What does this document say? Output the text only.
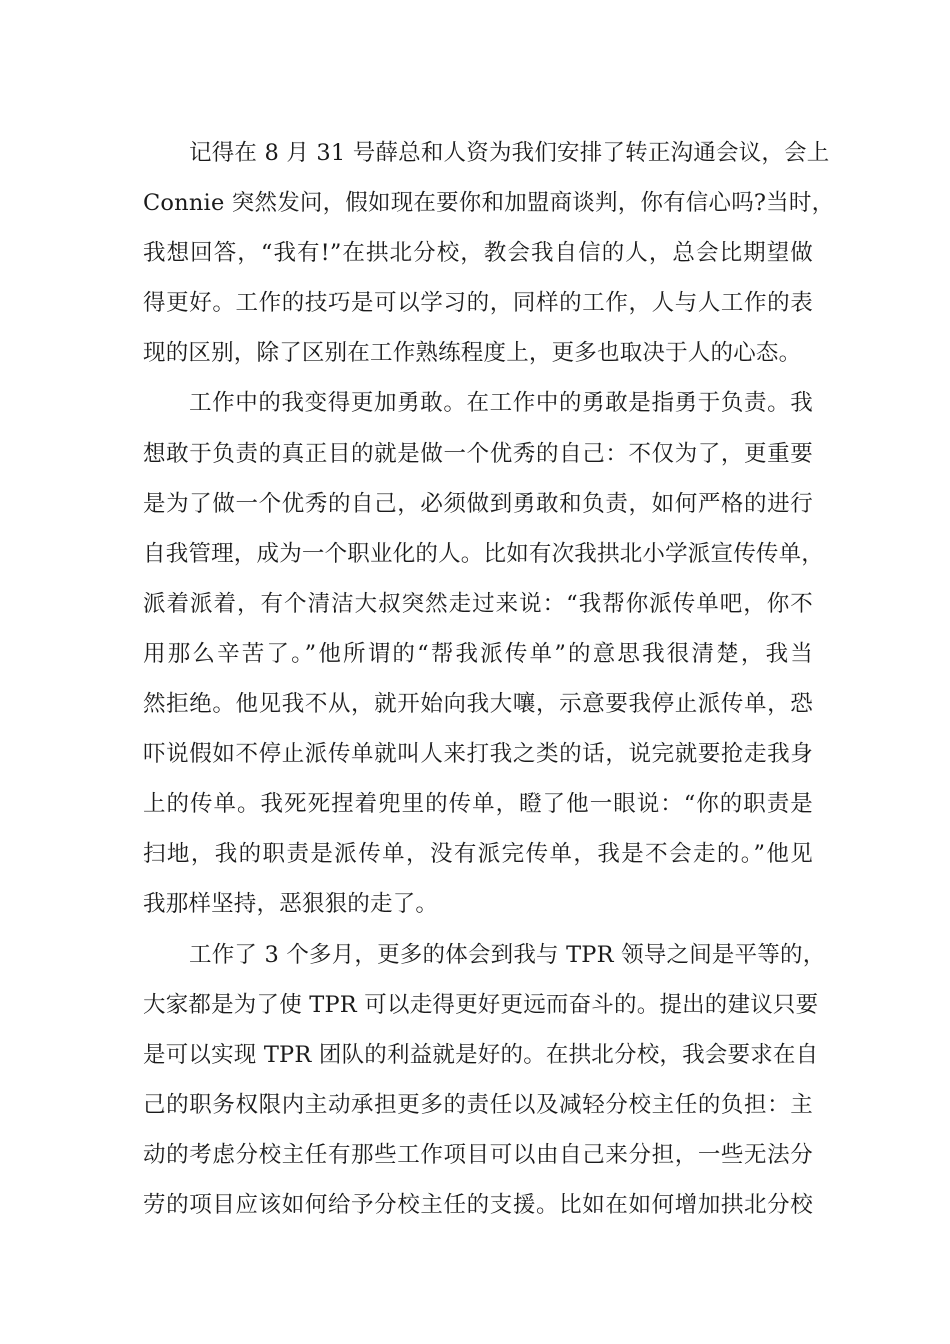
记得在 8 月 31 号薛总和人资为我们安排了转正沟通会议，会上
Connie 突然发问，假如现在要你和加盟商谈判，你有信心吗?当时，
我想回答，“我有!”在拱北分校，教会我自信的人，总会比期望做
得更好。工作的技巧是可以学习的，同样的工作，人与人工作的表
现的区别，除了区别在工作熟练程度上，更多也取决于人的心态。
工作中的我变得更加勇敢。在工作中的勇敢是指勇于负责。我
想敢于负责的真正目的就是做一个优秀的自己：不仅为了，更重要
是为了做一个优秀的自己，必须做到勇敢和负责，如何严格的进行
自我管理，成为一个职业化的人。比如有次我拱北小学派宣传传单，
派着派着，有个清洁大叔突然走过来说：“我帮你派传单吧，你不
用那么辛苦了。”他所谓的“帮我派传单”的意思我很清楚，我当
然拒绝。他见我不从，就开始向我大嚷，示意要我停止派传单，恐
吓说假如不停止派传单就叫人来打我之类的话，说完就要抢走我身
上的传单。我死死捏着兜里的传单，瞪了他一眼说：“你的职责是
扫地，我的职责是派传单，没有派完传单，我是不会走的。”他见
我那样坚持，恶狠狠的走了。
工作了 3 个多月，更多的体会到我与 TPR 领导之间是平等的，
大家都是为了使 TPR 可以走得更好更远而奋斗的。提出的建议只要
是可以实现 TPR 团队的利益就是好的。在拱北分校，我会要求在自
己的职务权限内主动承担更多的责任以及减轻分校主任的负担：主
动的考虑分校主任有那些工作项目可以由自己来分担，一些无法分
劳的项目应该如何给予分校主任的支援。比如在如何增加拱北分校
